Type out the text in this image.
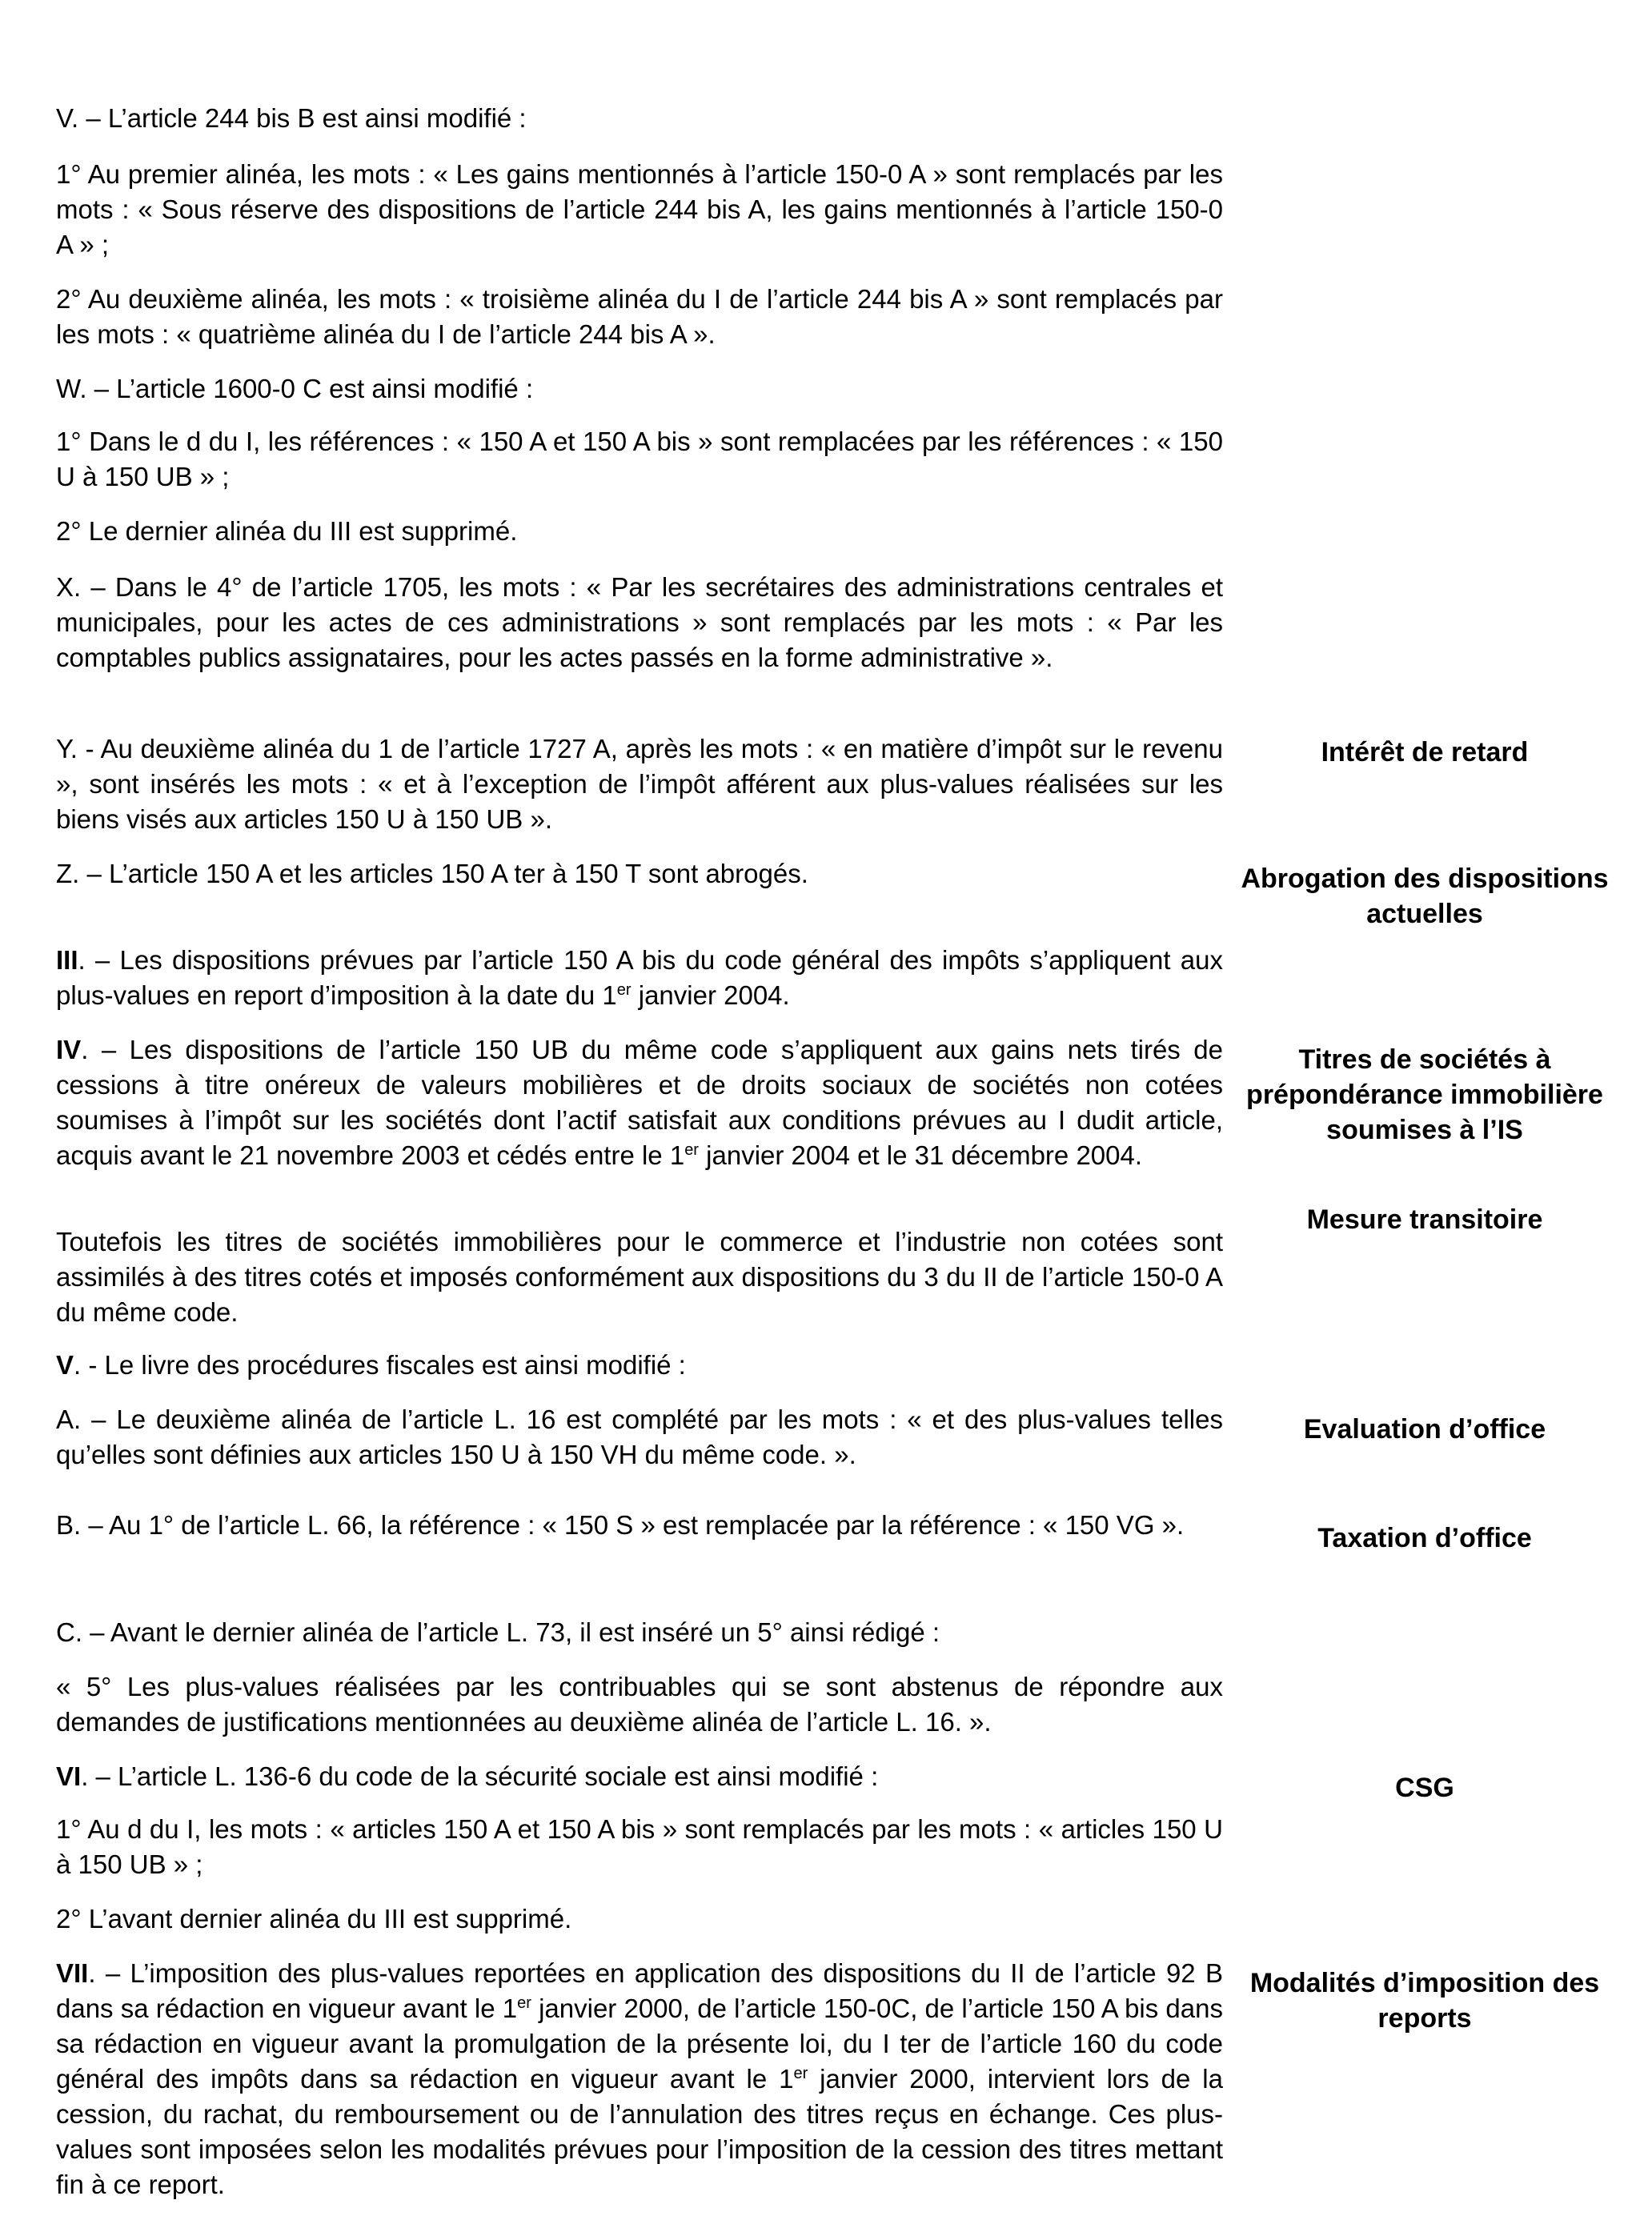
V. – L’article 244 bis B est ainsi modifié :

1° Au premier alinéa, les mots : « Les gains mentionnés à l’article 150-0 A » sont remplacés par les mots : « Sous réserve des dispositions de l’article 244 bis A, les gains mentionnés à l’article 150-0 A » ;

2° Au deuxième alinéa, les mots : « troisième alinéa du I de l’article 244 bis A » sont remplacés par les mots : « quatrième alinéa du I de l’article 244 bis A ».

W. – L’article 1600-0 C est ainsi modifié :

1° Dans le d du I, les références : « 150 A et 150 A bis » sont remplacées par les références : « 150 U à 150 UB » ;

2° Le dernier alinéa du III est supprimé.

X. – Dans le 4° de l’article 1705, les mots : « Par les secrétaires des administrations centrales et municipales, pour les actes de ces administrations » sont remplacés par les mots : « Par les comptables publics assignataires, pour les actes passés en la forme administrative ».

Y. - Au deuxième alinéa du 1 de l’article 1727 A, après les mots : « en matière d’impôt sur le revenu », sont insérés les mots : « et à l’exception de l’impôt afférent aux plus-values réalisées sur les biens visés aux articles 150 U à 150 UB ».

Z. – L’article 150 A et les articles 150 A ter à 150 T sont abrogés.

III. – Les dispositions prévues par l’article 150 A bis du code général des impôts s’appliquent aux plus-values en report d’imposition à la date du 1er janvier 2004.

IV. – Les dispositions de l’article 150 UB du même code s’appliquent aux gains nets tirés de cessions à titre onéreux de valeurs mobilières et de droits sociaux de sociétés non cotées soumises à l’impôt sur les sociétés dont l’actif satisfait aux conditions prévues au I dudit article, acquis avant le 21 novembre 2003 et cédés entre le 1er janvier 2004 et le 31 décembre 2004.

Toutefois les titres de sociétés immobilières pour le commerce et l’industrie non cotées sont assimilés à des titres cotés et imposés conformément aux dispositions du 3 du II de l’article 150-0 A du même code.

V. - Le livre des procédures fiscales est ainsi modifié :

A. – Le deuxième alinéa de l’article L. 16 est complété par les mots : « et des plus-values telles qu’elles sont définies aux articles 150 U à 150 VH du même code. ».

B. – Au 1° de l’article L. 66, la référence : « 150 S » est remplacée par la référence : « 150 VG ».

C. – Avant le dernier alinéa de l’article L. 73, il est inséré un 5° ainsi rédigé :

« 5° Les plus-values réalisées par les contribuables qui se sont abstenus de répondre aux demandes de justifications mentionnées au deuxième alinéa de l’article L. 16. ».

VI. – L’article L. 136-6 du code de la sécurité sociale est ainsi modifié :

1° Au d du I, les mots : « articles 150 A et 150 A bis » sont remplacés par les mots : « articles 150 U à 150 UB » ;

2° L’avant dernier alinéa du III est supprimé.

VII. – L’imposition des plus-values reportées en application des dispositions du II de l’article 92 B dans sa rédaction en vigueur avant le 1er janvier 2000, de l’article 150-0C, de l’article 150 A bis dans sa rédaction en vigueur avant la promulgation de la présente loi, du I ter de l’article 160 du code général des impôts dans sa rédaction en vigueur avant le 1er janvier 2000, intervient lors de la cession, du rachat, du remboursement ou de l’annulation des titres reçus en échange. Ces plus-values sont imposées selon les modalités prévues pour l’imposition de la cession des titres mettant fin à ce report.

Intérêt de retard

Abrogation des dispositions actuelles

Titres de sociétés à prépondérance immobilière soumises à l’IS

Mesure transitoire

Evaluation d’office

Taxation d’office

CSG

Modalités d’imposition des reports
